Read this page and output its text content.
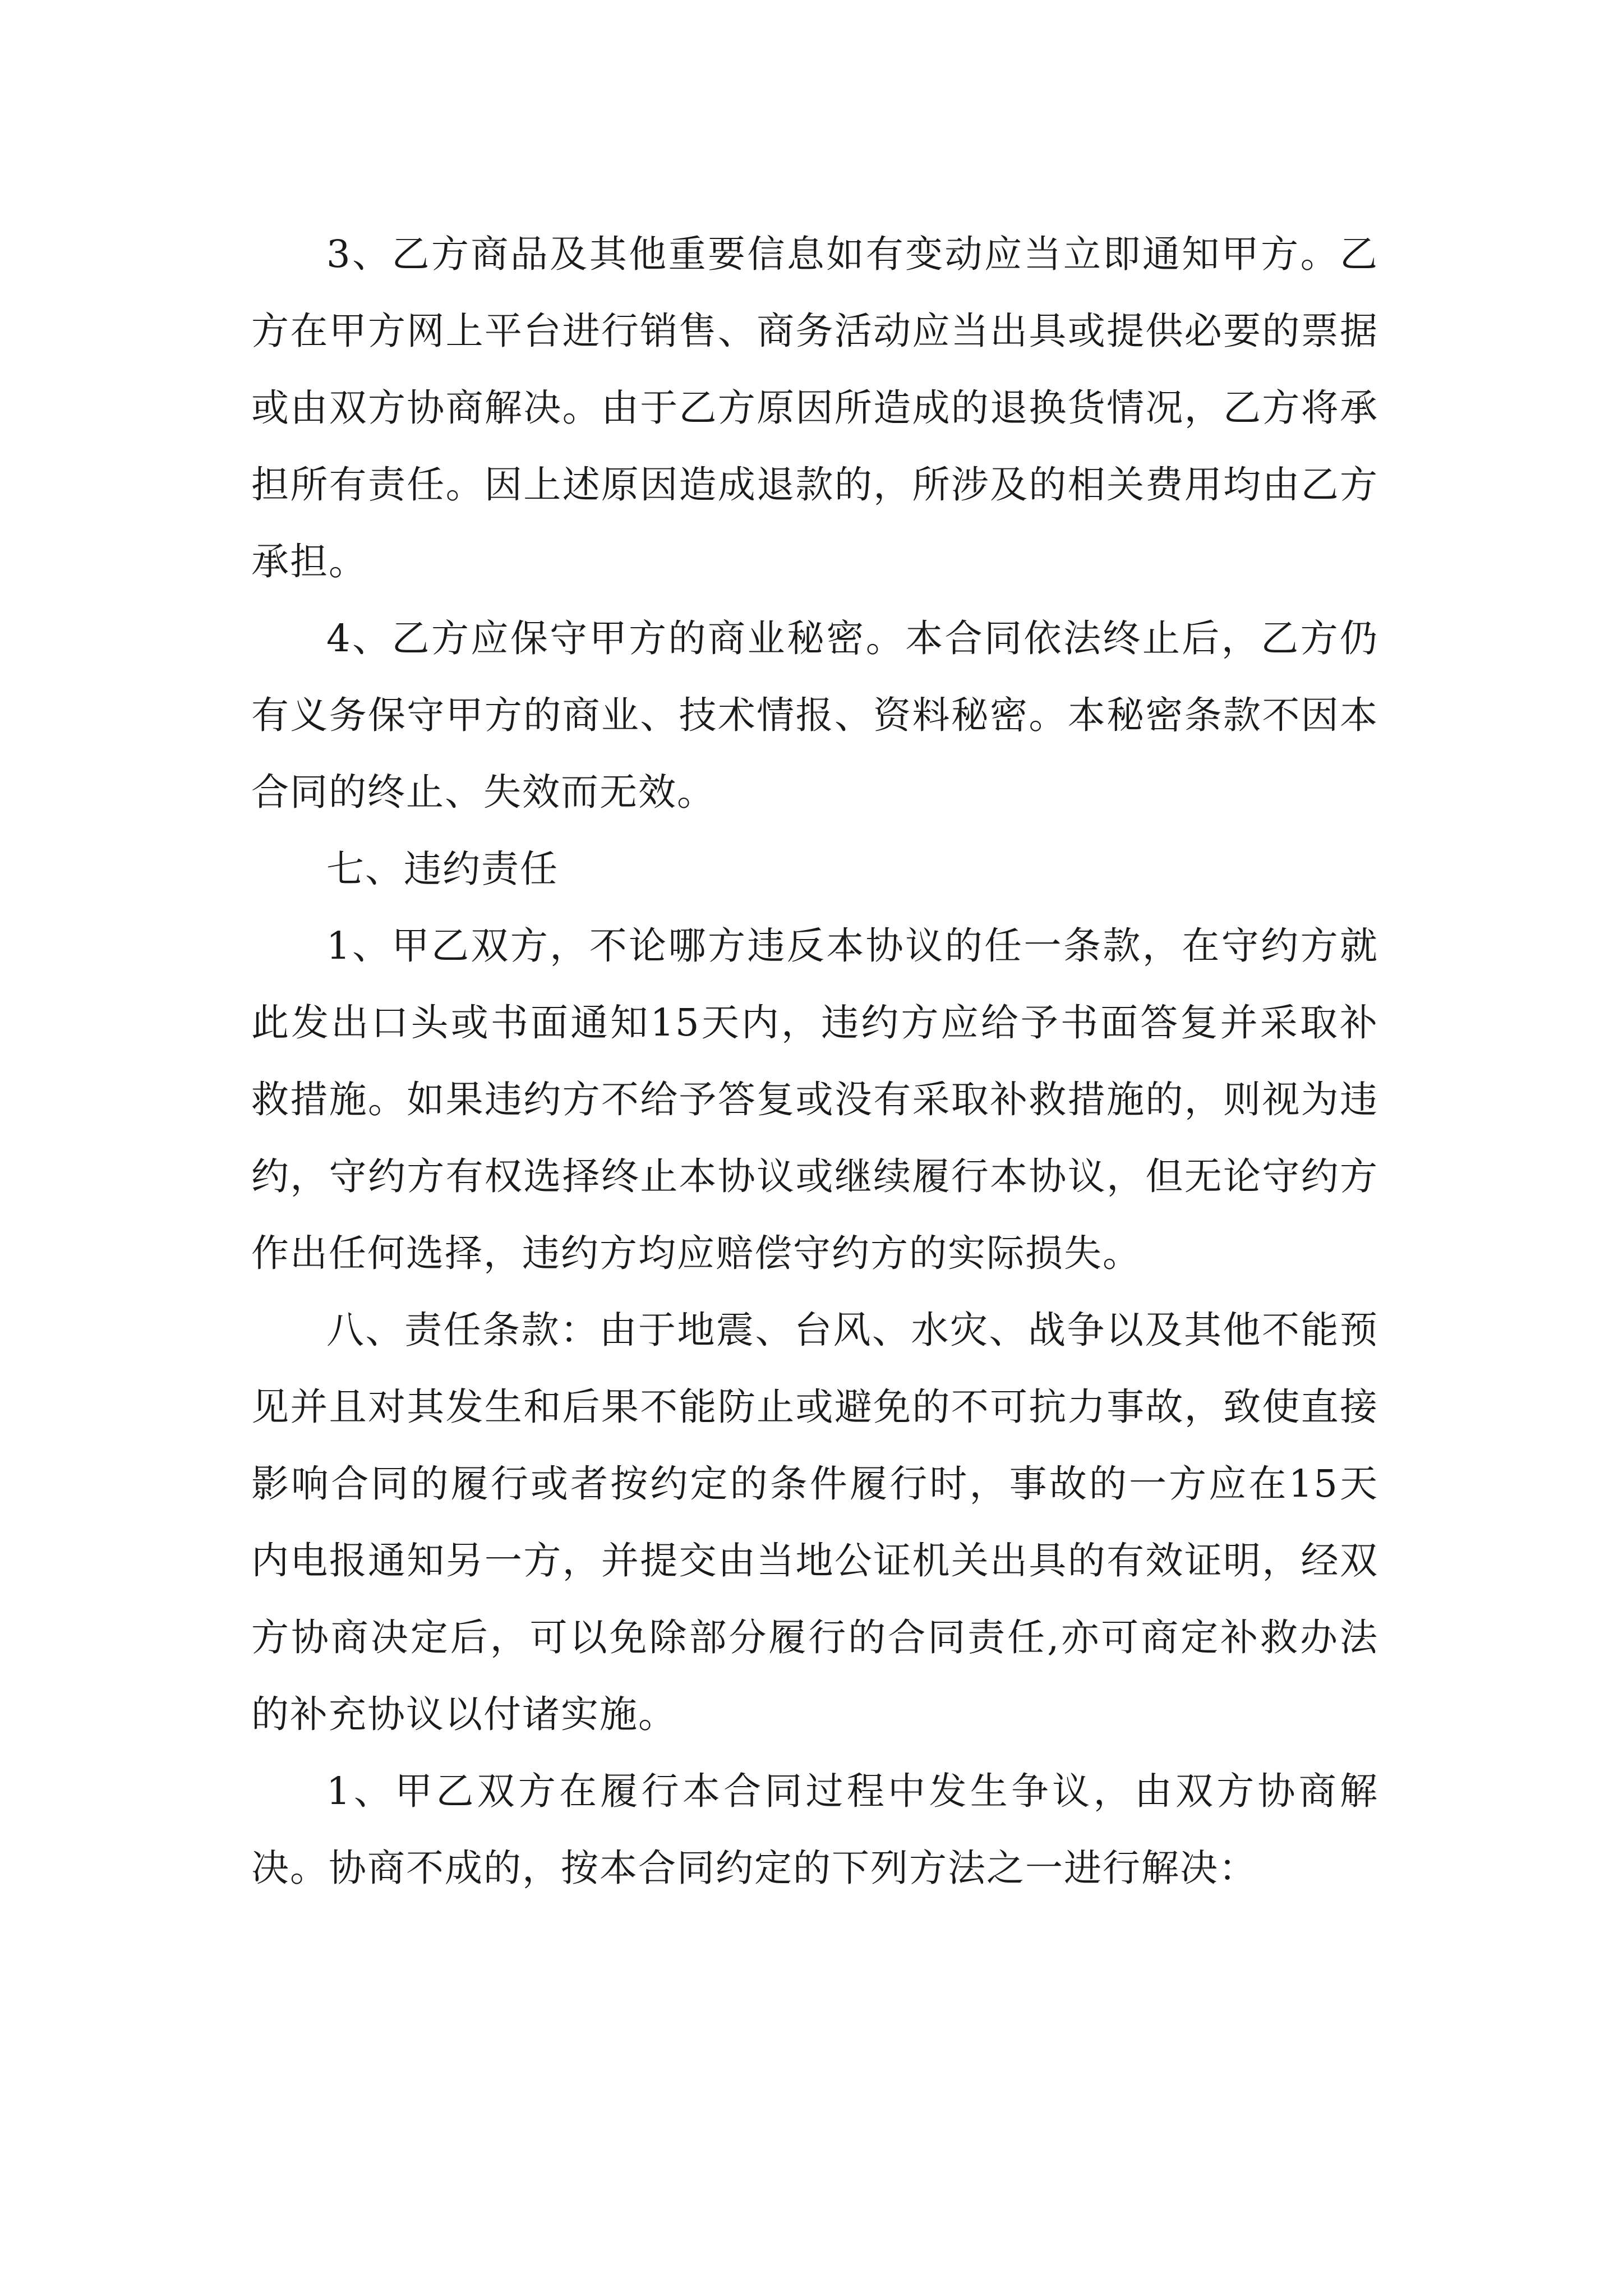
3、乙方商品及其他重要信息如有变动应当立即通知甲方。乙方在甲方网上平台进行销售、商务活动应当出具或提供必要的票据或由双方协商解决。由于乙方原因所造成的退换货情况，乙方将承担所有责任。因上述原因造成退款的，所涉及的相关费用均由乙方承担。

4、乙方应保守甲方的商业秘密。本合同依法终止后，乙方仍有义务保守甲方的商业、技术情报、资料秘密。本秘密条款不因本合同的终止、失效而无效。

七、违约责任

1、甲乙双方，不论哪方违反本协议的任一条款，在守约方就此发出口头或书面通知15天内，违约方应给予书面答复并采取补救措施。如果违约方不给予答复或没有采取补救措施的，则视为违约，守约方有权选择终止本协议或继续履行本协议，但无论守约方作出任何选择，违约方均应赔偿守约方的实际损失。

八、责任条款：由于地震、台风、水灾、战争以及其他不能预见并且对其发生和后果不能防止或避免的不可抗力事故，致使直接影响合同的履行或者按约定的条件履行时，事故的一方应在15天内电报通知另一方，并提交由当地公证机关出具的有效证明，经双方协商决定后，可以免除部分履行的合同责任,亦可商定补救办法的补充协议以付诸实施。

1、甲乙双方在履行本合同过程中发生争议，由双方协商解决。协商不成的，按本合同约定的下列方法之一进行解决：
